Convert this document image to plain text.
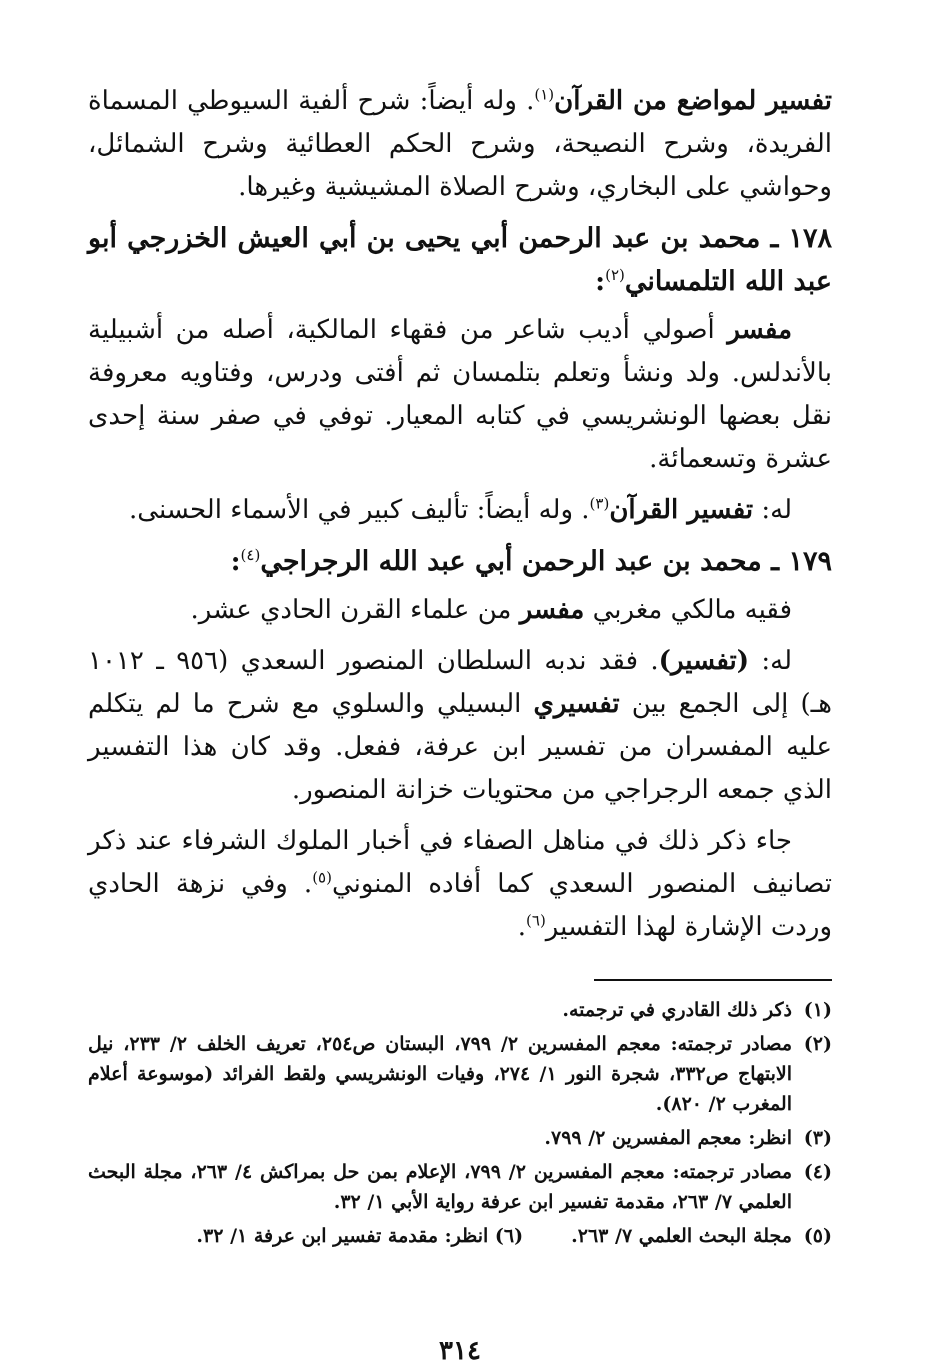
تفسير لمواضع من القرآن$^{(١)}$. وله أيضاً: شرح ألفية السيوطي المسماة الفريدة، وشرح النصيحة، وشرح الحكم العطائية وشرح الشمائل، وحواشي على البخاري، وشرح الصلاة المشيشية وغيرها.

١٧٨ ـ محمد بن عبد الرحمن أبي يحيى بن أبي العيش الخزرجي أبو عبد الله التلمساني$^{(٢)}$:

مفسر أصولي أديب شاعر من فقهاء المالكية، أصله من أشبيلية بالأندلس. ولد ونشأ وتعلم بتلمسان ثم أفتى ودرس، وفتاويه معروفة نقل بعضها الونشريسي في كتابه المعيار. توفي في صفر سنة إحدى عشرة وتسعمائة.

له: تفسير القرآن$^{(٣)}$. وله أيضاً: تأليف كبير في الأسماء الحسنى.

١٧٩ ـ محمد بن عبد الرحمن أبي عبد الله الرجراجي$^{(٤)}$:

فقيه مالكي مغربي مفسر من علماء القرن الحادي عشر.

له: (تفسير). فقد ندبه السلطان المنصور السعدي (٩٥٦ ـ ١٠١٢ هـ) إلى الجمع بين تفسيري البسيلي والسلوي مع شرح ما لم يتكلم عليه المفسران من تفسير ابن عرفة، ففعل. وقد كان هذا التفسير الذي جمعه الرجراجي من محتويات خزانة المنصور.

جاء ذكر ذلك في مناهل الصفاء في أخبار الملوك الشرفاء عند ذكر تصانيف المنصور السعدي كما أفاده المنوني$^{(٥)}$. وفي نزهة الحادي وردت الإشارة لهذا التفسير$^{(٦)}$.

(١)
ذكر ذلك القادري في ترجمته.
(٢)
مصادر ترجمته: معجم المفسرين ٢/ ٧٩٩، البستان ص٢٥٤، تعريف الخلف ٢/ ٢٣٣، نيل الابتهاج ص٣٣٢، شجرة النور ١/ ٢٧٤، وفيات الونشريسي ولقط الفرائد (موسوعة أعلام المغرب ٢/ ٨٢٠).
(٣)
انظر: معجم المفسرين ٢/ ٧٩٩.
(٤)
مصادر ترجمته: معجم المفسرين ٢/ ٧٩٩، الإعلام بمن حل بمراكش ٤/ ٢٦٣، مجلة البحث العلمي ٧/ ٢٦٣، مقدمة تفسير ابن عرفة رواية الأبي ١/ ٣٢.
(٥)
مجلة البحث العلمي ٧/ ٢٦٣.
(٦) انظر: مقدمة تفسير ابن عرفة ١/ ٣٢.
٣١٤
